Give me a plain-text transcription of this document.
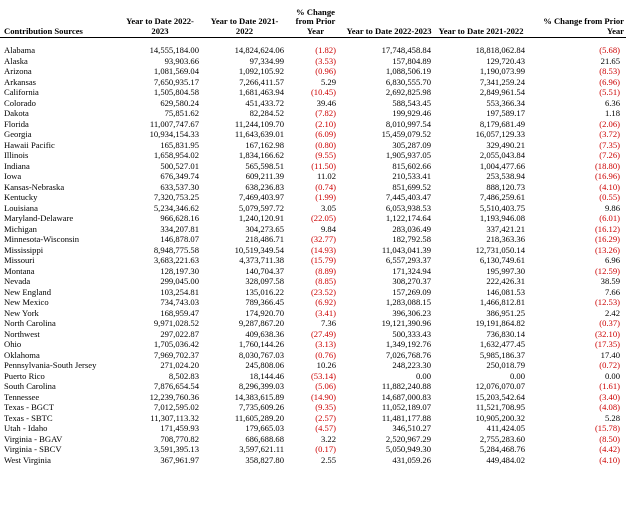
Contribution Sources	Year to Date 2022-2023	Year to Date 2021-2022	% Change from Prior Year	Year to Date 2022-2023	Year to Date 2021-2022	% Change from Prior Year

Alabama	14,555,184.00	14,824,624.06	(1.82)	17,748,458.84	18,818,062.84	(5.68)
Alaska	93,903.66	97,334.99	(3.53)	157,804.89	129,720.43	21.65
Arizona	1,081,569.04	1,092,105.92	(0.96)	1,088,506.19	1,190,073.99	(8.53)
Arkansas	7,650,935.17	7,266,411.57	5.29	6,830,555.70	7,341,259.24	(6.96)
California	1,505,804.58	1,681,463.94	(10.45)	2,692,825.98	2,849,961.54	(5.51)
Colorado	629,580.24	451,433.72	39.46	588,543.45	553,366.34	6.36
Dakota	75,851.62	82,284.52	(7.82)	199,929.46	197,589.17	1.18
Florida	11,007,747.67	11,244,109.70	(2.10)	8,010,997.54	8,179,681.49	(2.06)
Georgia	10,934,154.33	11,643,639.01	(6.09)	15,459,079.52	16,057,129.33	(3.72)
Hawaii Pacific	165,831.95	167,162.98	(0.80)	305,287.09	329,490.21	(7.35)
Illinois	1,658,954.02	1,834,166.62	(9.55)	1,905,937.05	2,055,043.84	(7.26)
Indiana	500,527.01	565,598.51	(11.50)	815,602.66	1,004,477.66	(18.80)
Iowa	676,349.74	609,211.39	11.02	210,533.41	253,538.94	(16.96)
Kansas-Nebraska	633,537.30	638,236.83	(0.74)	851,699.52	888,120.73	(4.10)
Kentucky	7,320,753.25	7,469,403.97	(1.99)	7,445,403.47	7,486,259.61	(0.55)
Louisiana	5,234,346.62	5,079,597.72	3.05	6,053,938.53	5,510,403.75	9.86
Maryland-Delaware	966,628.16	1,240,120.91	(22.05)	1,122,174.64	1,193,946.08	(6.01)
Michigan	334,207.81	304,273.65	9.84	283,036.49	337,421.21	(16.12)
Minnesota-Wisconsin	146,878.07	218,486.71	(32.77)	182,792.58	218,363.36	(16.29)
Mississippi	8,948,775.58	10,519,349.54	(14.93)	11,043,041.39	12,731,050.14	(13.26)
Missouri	3,683,221.63	4,373,711.38	(15.79)	6,557,293.37	6,130,749.61	6.96
Montana	128,197.30	140,704.37	(8.89)	171,324.94	195,997.30	(12.59)
Nevada	299,045.00	328,097.58	(8.85)	308,270.37	222,426.31	38.59
New England	103,254.81	135,016.22	(23.52)	157,269.09	146,081.53	7.66
New Mexico	734,743.03	789,366.45	(6.92)	1,283,088.15	1,466,812.81	(12.53)
New York	168,959.47	174,920.70	(3.41)	396,306.23	386,951.25	2.42
North Carolina	9,971,028.52	9,287,867.20	7.36	19,121,390.96	19,191,864.82	(0.37)
Northwest	297,022.87	409,638.36	(27.49)	500,333.43	736,830.14	(32.10)
Ohio	1,705,036.42	1,760,144.26	(3.13)	1,349,192.76	1,632,477.45	(17.35)
Oklahoma	7,969,702.37	8,030,767.03	(0.76)	7,026,768.76	5,985,186.37	17.40
Pennsylvania-South Jersey	271,024.20	245,808.06	10.26	248,223.30	250,018.79	(0.72)
Puerto Rico	8,502.83	18,144.46	(53.14)	0.00	0.00	0.00
South Carolina	7,876,654.54	8,296,399.03	(5.06)	11,882,240.88	12,076,070.07	(1.61)
Tennessee	12,239,760.36	14,383,615.89	(14.90)	14,687,000.83	15,203,542.64	(3.40)
Texas - BGCT	7,012,595.02	7,735,609.26	(9.35)	11,052,189.07	11,521,708.95	(4.08)
Texas - SBTC	11,307,113.32	11,605,289.20	(2.57)	11,481,177.88	10,905,200.32	5.28
Utah - Idaho	171,459.93	179,665.03	(4.57)	346,510.27	411,424.05	(15.78)
Virginia - BGAV	708,770.82	686,688.68	3.22	2,520,967.29	2,755,283.60	(8.50)
Virginia - SBCV	3,591,395.13	3,597,621.11	(0.17)	5,050,949.30	5,284,468.76	(4.42)
West Virginia	367,961.97	358,827.80	2.55	431,059.26	449,484.02	(4.10)
